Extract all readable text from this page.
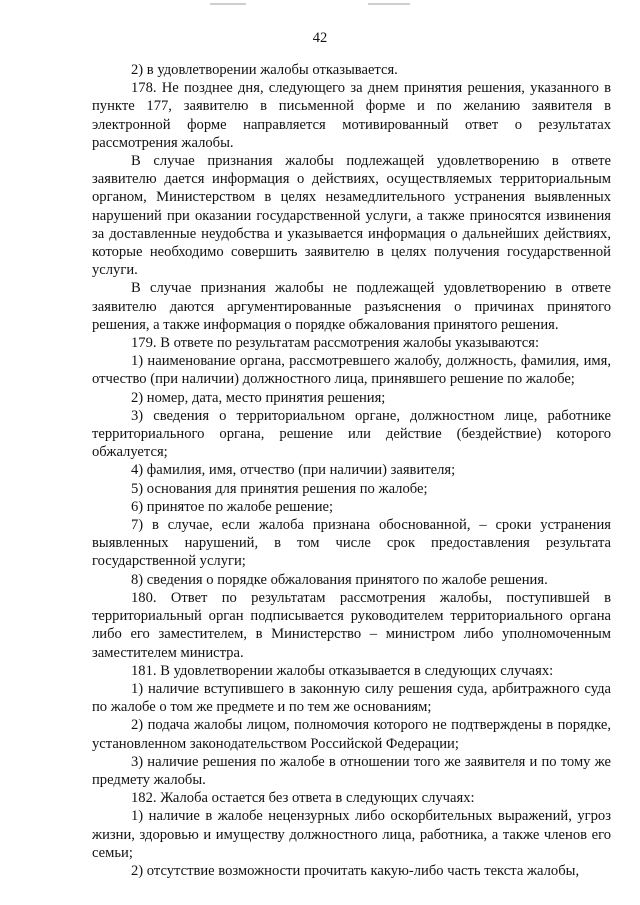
42

2) в удовлетворении жалобы отказывается.

178. Не позднее дня, следующего за днем принятия решения, указанного в пункте 177, заявителю в письменной форме и по желанию заявителя в электронной форме направляется мотивированный ответ о результатах рассмотрения жалобы.

В случае признания жалобы подлежащей удовлетворению в ответе заявителю дается информация о действиях, осуществляемых территориальным органом, Министерством в целях незамедлительного устранения выявленных нарушений при оказании государственной услуги, а также приносятся извинения за доставленные неудобства и указывается информация о дальнейших действиях, которые необходимо совершить заявителю в целях получения государственной услуги.

В случае признания жалобы не подлежащей удовлетворению в ответе заявителю даются аргументированные разъяснения о причинах принятого решения, а также информация о порядке обжалования принятого решения.

179. В ответе по результатам рассмотрения жалобы указываются:

1) наименование органа, рассмотревшего жалобу, должность, фамилия, имя, отчество (при наличии) должностного лица, принявшего решение по жалобе;

2) номер, дата, место принятия решения;

3) сведения о территориальном органе, должностном лице, работнике территориального органа, решение или действие (бездействие) которого обжалуется;

4) фамилия, имя, отчество (при наличии) заявителя;

5) основания для принятия решения по жалобе;

6) принятое по жалобе решение;

7) в случае, если жалоба признана обоснованной, – сроки устранения выявленных нарушений, в том числе срок предоставления результата государственной услуги;

8) сведения о порядке обжалования принятого по жалобе решения.

180. Ответ по результатам рассмотрения жалобы, поступившей в территориальный орган подписывается руководителем территориального органа либо его заместителем, в Министерство – министром либо уполномоченным заместителем министра.

181. В удовлетворении жалобы отказывается в следующих случаях:

1) наличие вступившего в законную силу решения суда, арбитражного суда по жалобе о том же предмете и по тем же основаниям;

2) подача жалобы лицом, полномочия которого не подтверждены в порядке, установленном законодательством Российской Федерации;

3) наличие решения по жалобе в отношении того же заявителя и по тому же предмету жалобы.

182. Жалоба остается без ответа в следующих случаях:

1) наличие в жалобе нецензурных либо оскорбительных выражений, угроз жизни, здоровью и имуществу должностного лица, работника, а также членов его семьи;

2) отсутствие возможности прочитать какую-либо часть текста жалобы,
